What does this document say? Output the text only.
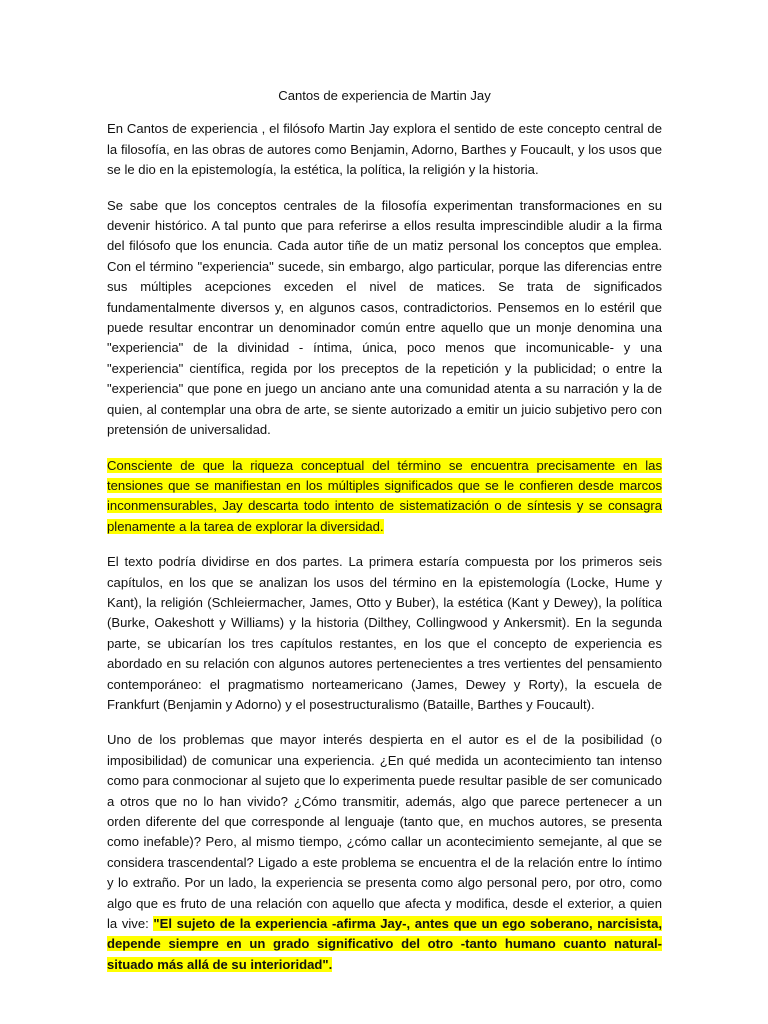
Cantos de experiencia de Martin Jay

En Cantos de experiencia , el filósofo Martin Jay explora el sentido de este concepto central de la filosofía, en las obras de autores como Benjamin, Adorno, Barthes y Foucault, y los usos que se le dio en la epistemología, la estética, la política, la religión y la historia.

Se sabe que los conceptos centrales de la filosofía experimentan transformaciones en su devenir histórico. A tal punto que para referirse a ellos resulta imprescindible aludir a la firma del filósofo que los enuncia. Cada autor tiñe de un matiz personal los conceptos que emplea. Con el término "experiencia" sucede, sin embargo, algo particular, porque las diferencias entre sus múltiples acepciones exceden el nivel de matices. Se trata de significados fundamentalmente diversos y, en algunos casos, contradictorios. Pensemos en lo estéril que puede resultar encontrar un denominador común entre aquello que un monje denomina una "experiencia" de la divinidad - íntima, única, poco menos que incomunicable- y una "experiencia" científica, regida por los preceptos de la repetición y la publicidad; o entre la "experiencia" que pone en juego un anciano ante una comunidad atenta a su narración y la de quien, al contemplar una obra de arte, se siente autorizado a emitir un juicio subjetivo pero con pretensión de universalidad.

Consciente de que la riqueza conceptual del término se encuentra precisamente en las tensiones que se manifiestan en los múltiples significados que se le confieren desde marcos inconmensurables, Jay descarta todo intento de sistematización o de síntesis y se consagra plenamente a la tarea de explorar la diversidad.

El texto podría dividirse en dos partes. La primera estaría compuesta por los primeros seis capítulos, en los que se analizan los usos del término en la epistemología (Locke, Hume y Kant), la religión (Schleiermacher, James, Otto y Buber), la estética (Kant y Dewey), la política (Burke, Oakeshott y Williams) y la historia (Dilthey, Collingwood y Ankersmit). En la segunda parte, se ubicarían los tres capítulos restantes, en los que el concepto de experiencia es abordado en su relación con algunos autores pertenecientes a tres vertientes del pensamiento contemporáneo: el pragmatismo norteamericano (James, Dewey y Rorty), la escuela de Frankfurt (Benjamin y Adorno) y el posestructuralismo (Bataille, Barthes y Foucault).

Uno de los problemas que mayor interés despierta en el autor es el de la posibilidad (o imposibilidad) de comunicar una experiencia. ¿En qué medida un acontecimiento tan intenso como para conmocionar al sujeto que lo experimenta puede resultar pasible de ser comunicado a otros que no lo han vivido? ¿Cómo transmitir, además, algo que parece pertenecer a un orden diferente del que corresponde al lenguaje (tanto que, en muchos autores, se presenta como inefable)? Pero, al mismo tiempo, ¿cómo callar un acontecimiento semejante, al que se considera trascendental? Ligado a este problema se encuentra el de la relación entre lo íntimo y lo extraño. Por un lado, la experiencia se presenta como algo personal pero, por otro, como algo que es fruto de una relación con aquello que afecta y modifica, desde el exterior, a quien la vive: "El sujeto de la experiencia -afirma Jay-, antes que un ego soberano, narcisista, depende siempre en un grado significativo del otro -tanto humano cuanto natural- situado más allá de su interioridad".
